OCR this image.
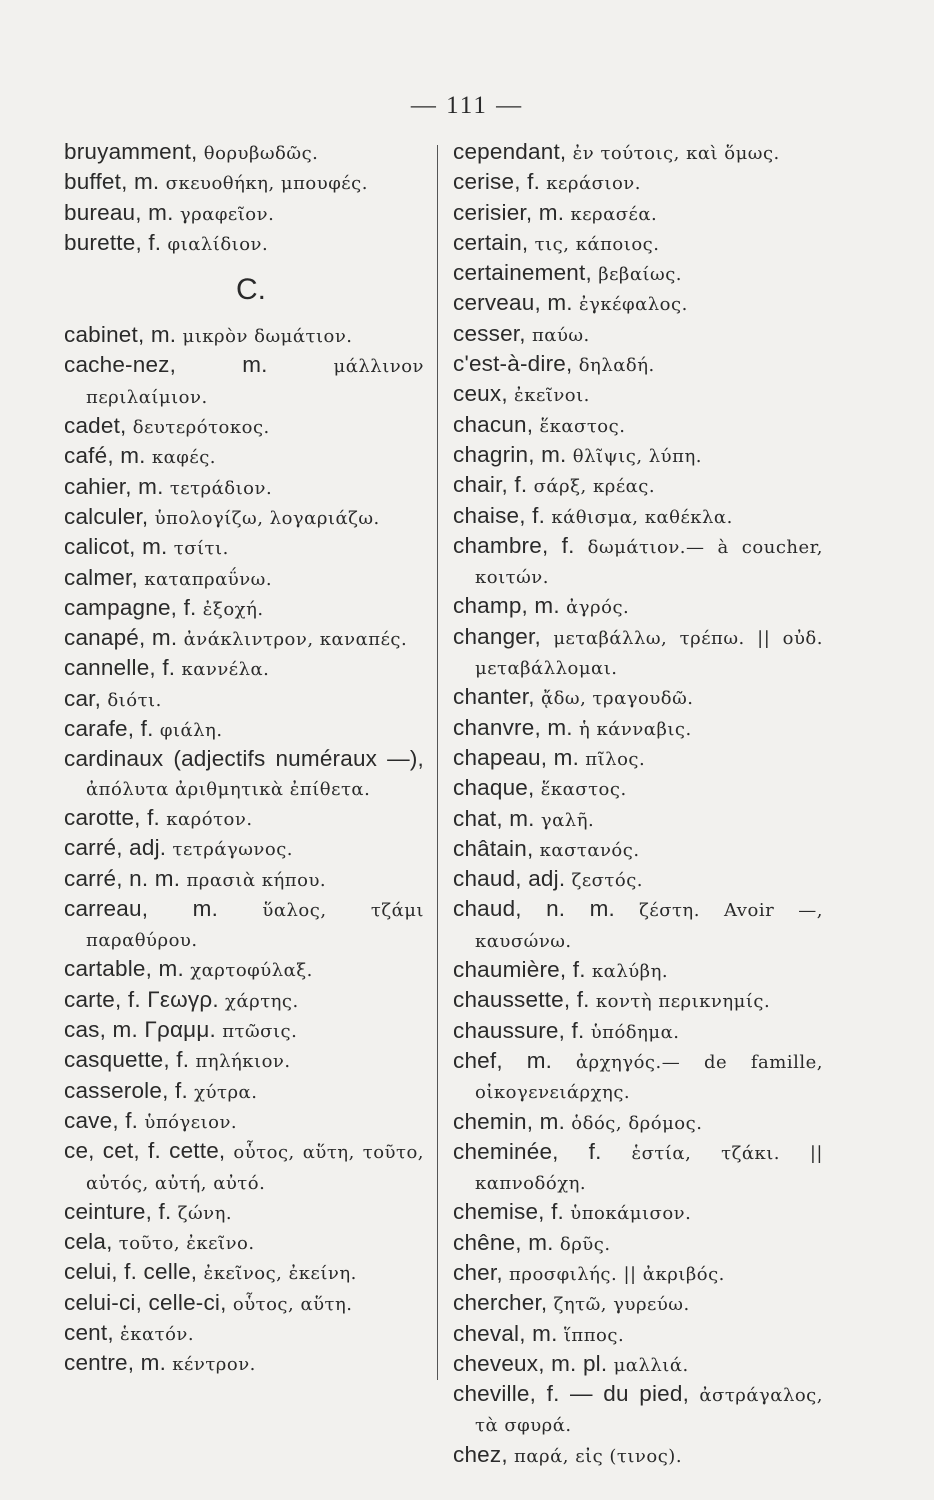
— 111 —
bruyamment, θορυβωδῶς.
buffet, m. σκευοθήκη, μπουφές.
bureau, m. γραφεῖον.
burette, f. φιαλίδιον.
C.
cabinet, m. μικρὸν δωμάτιον.
cache-nez, m.	μάλλινον περιλαίμιον.
cadet, δευτερότοκος.
café, m. καφές.
cahier, m. τετράδιον.
calculer, ὑπολογίζω, λογαριάζω.
calicot, m. τσίτι.
calmer, καταπραΰνω.
campagne, f. ἐξοχή.
canapé, m. ἀνάκλιντρον, καναπές.
cannelle, f. καννέλα.
car, διότι.
carafe, f. φιάλη.
cardinaux (adjectifs numéraux —), ἀπόλυτα ἀριθμητικὰ ἐπίθετα.
carotte, f. καρότον.
carré, adj. τετράγωνος.
carré, n. m. πρασιὰ κήπου.
carreau, m. ὕαλος, τζάμι παραθύρου.
cartable, m. χαρτοφύλαξ.
carte, f. Γεωγρ. χάρτης.
cas, m. Γραμμ. πτῶσις.
casquette, f. πηλήκιον.
casserole, f. χύτρα.
cave, f. ὑπόγειον.
ce, cet, f. cette, οὗτος, αὕτη, τοῦτο, αὐτός, αὐτή, αὐτό.
ceinture, f. ζώνη.
cela, τοῦτο, ἐκεῖνο.
celui, f. celle, ἐκεῖνος, ἐκείνη.
celui-ci, celle-ci, οὗτος, αὕτη.
cent, ἑκατόν.
centre, m. κέντρον.
cependant, ἐν τούτοις, καὶ ὅμως.
cerise, f. κεράσιον.
cerisier, m. κερασέα.
certain, τις, κάποιος.
certainement, βεβαίως.
cerveau, m. ἐγκέφαλος.
cesser, παύω.
c'est-à-dire, δηλαδή.
ceux, ἐκεῖνοι.
chacun, ἕκαστος.
chagrin, m. θλῖψις, λύπη.
chair, f. σάρξ, κρέας.
chaise, f. κάθισμα, καθέκλα.
chambre, f. δωμάτιον.— à coucher, κοιτών.
champ, m. ἀγρός.
changer, μεταβάλλω, τρέπω. || οὐδ. μεταβάλλομαι.
chanter, ᾄδω, τραγουδῶ.
chanvre, m. ἡ κάνναβις.
chapeau, m. πῖλος.
chaque, ἕκαστος.
chat, m. γαλῆ.
châtain, καστανός.
chaud, adj. ζεστός.
chaud, n. m. ζέστη. Avoir —, καυσώνω.
chaumière, f. καλύβη.
chaussette, f. κοντὴ περικνημίς.
chaussure, f. ὑπόδημα.
chef, m. ἀρχηγός.— de famille, οἰκογενειάρχης.
chemin, m. ὁδός, δρόμος.
cheminée, f. ἑστία, τζάκι. || καπνοδόχη.
chemise, f. ὑποκάμισον.
chêne, m. δρῦς.
cher, προσφιλής. || ἀκριβός.
chercher, ζητῶ, γυρεύω.
cheval, m. ἵππος.
cheveux, m. pl. μαλλιά.
cheville, f. — du pied, ἀστράγαλος, τὰ σφυρά.
chez, παρά, εἰς (τινος).
